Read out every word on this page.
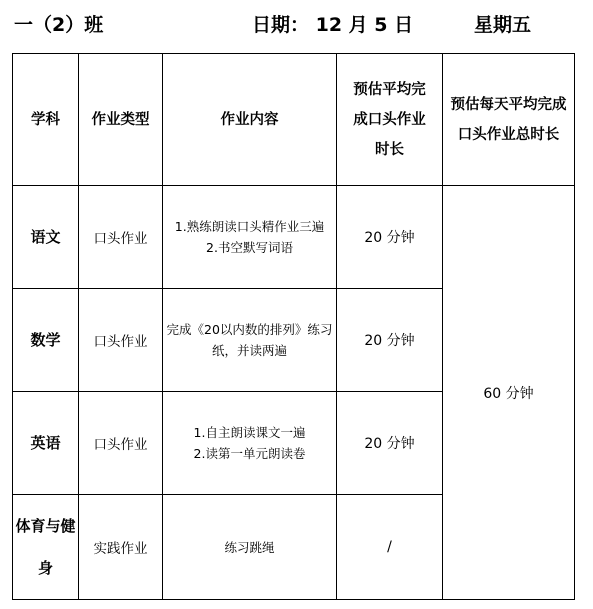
一（2）班	日期： 12 月 5 日	星期五
学科	作业类型	作业内容	预估平均完
成口头作业
时长	预估每天平均完成
口头作业总时长

语文	口头作业	1.熟练朗读口头精作业三遍
2.书空默写词语	20 分钟	60 分钟
数学	口头作业	完成《20以内数的排列》练习纸，并读两遍	20 分钟	
英语	口头作业	1.自主朗读课文一遍
2.读第一单元朗读卷	20 分钟	
体育与健身	实践作业	练习跳绳	/	
